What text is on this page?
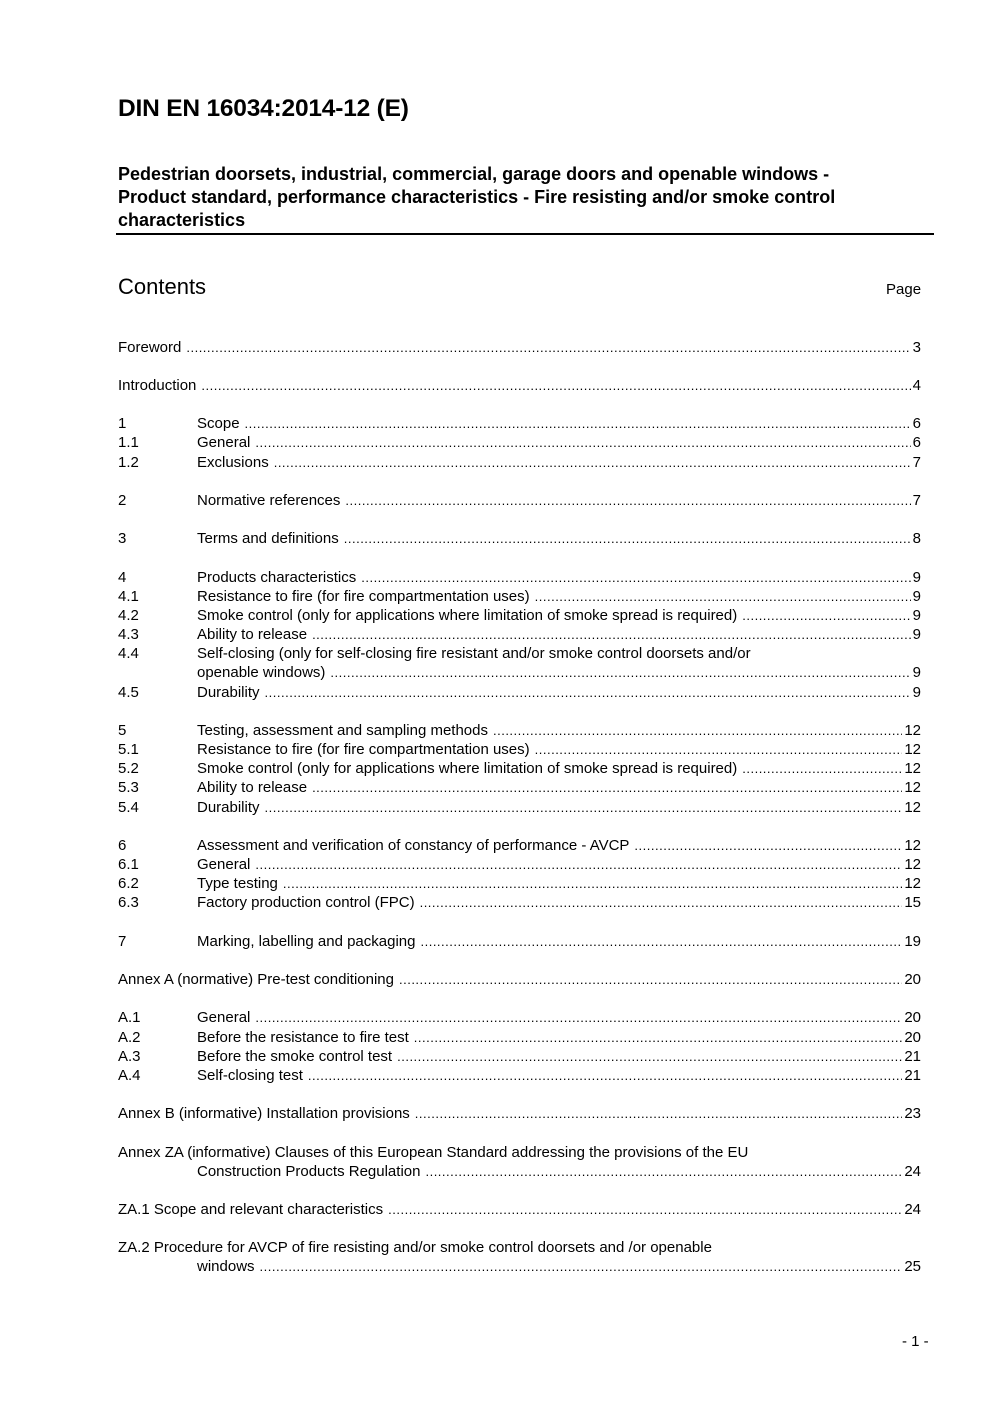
DIN EN 16034:2014-12 (E)
Pedestrian doorsets, industrial, commercial, garage doors and openable windows -
Product standard, performance characteristics - Fire resisting and/or smoke control
characteristics
Contents	Page
Foreword .....	3
Introduction .....	4
1	Scope .....	6
1.1	General .....	6
1.2	Exclusions .....	7
2	Normative references .....	7
3	Terms and definitions .....	8
4	Products characteristics .....	9
4.1	Resistance to fire (for fire compartmentation uses) .....	9
4.2	Smoke control (only for applications where limitation of smoke spread is required) .....	9
4.3	Ability to release .....	9
4.4	Self-closing (only for self-closing fire resistant and/or smoke control doorsets and/or
openable windows) .....	9
4.5	Durability .....	9
5	Testing, assessment and sampling methods .....	12
5.1	Resistance to fire (for fire compartmentation uses) .....	12
5.2	Smoke control (only for applications where limitation of smoke spread is required) .....	12
5.3	Ability to release .....	12
5.4	Durability .....	12
6	Assessment and verification of constancy of performance - AVCP .....	12
6.1	General .....	12
6.2	Type testing .....	12
6.3	Factory production control (FPC) .....	15
7	Marking, labelling and packaging .....	19
Annex A (normative) Pre-test conditioning .....	20
A.1	General .....	20
A.2	Before the resistance to fire test .....	20
A.3	Before the smoke control test .....	21
A.4	Self-closing test .....	21
Annex B (informative) Installation provisions .....	23
Annex ZA (informative) Clauses of this European Standard addressing the provisions of the EU
Construction Products Regulation .....	24
ZA.1 Scope and relevant characteristics .....	24
ZA.2 Procedure for AVCP of fire resisting and/or smoke control doorsets and /or openable
windows .....	25
- 1 -
